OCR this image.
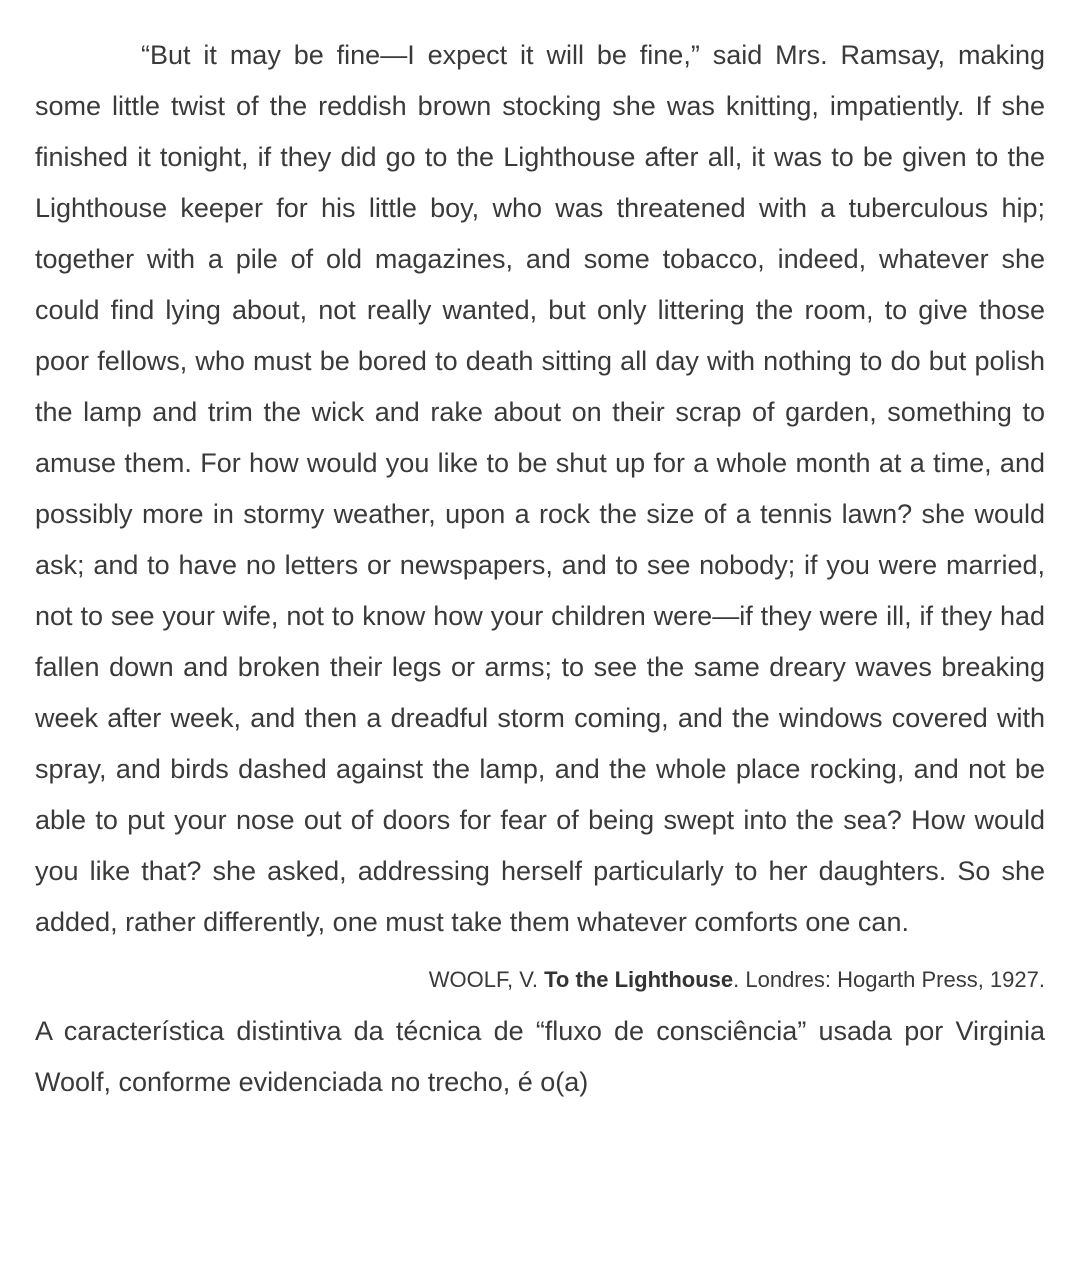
“But it may be fine—I expect it will be fine,” said Mrs. Ramsay, making some little twist of the reddish brown stocking she was knitting, impatiently. If she finished it tonight, if they did go to the Lighthouse after all, it was to be given to the Lighthouse keeper for his little boy, who was threatened with a tuberculous hip; together with a pile of old magazines, and some tobacco, indeed, whatever she could find lying about, not really wanted, but only littering the room, to give those poor fellows, who must be bored to death sitting all day with nothing to do but polish the lamp and trim the wick and rake about on their scrap of garden, something to amuse them. For how would you like to be shut up for a whole month at a time, and possibly more in stormy weather, upon a rock the size of a tennis lawn? she would ask; and to have no letters or newspapers, and to see nobody; if you were married, not to see your wife, not to know how your children were—if they were ill, if they had fallen down and broken their legs or arms; to see the same dreary waves breaking week after week, and then a dreadful storm coming, and the windows covered with spray, and birds dashed against the lamp, and the whole place rocking, and not be able to put your nose out of doors for fear of being swept into the sea? How would you like that? she asked, addressing herself particularly to her daughters. So she added, rather differently, one must take them whatever comforts one can.

WOOLF, V. To the Lighthouse. Londres: Hogarth Press, 1927.

A característica distintiva da técnica de “fluxo de consciência” usada por Virginia Woolf, conforme evidenciada no trecho, é o(a)
